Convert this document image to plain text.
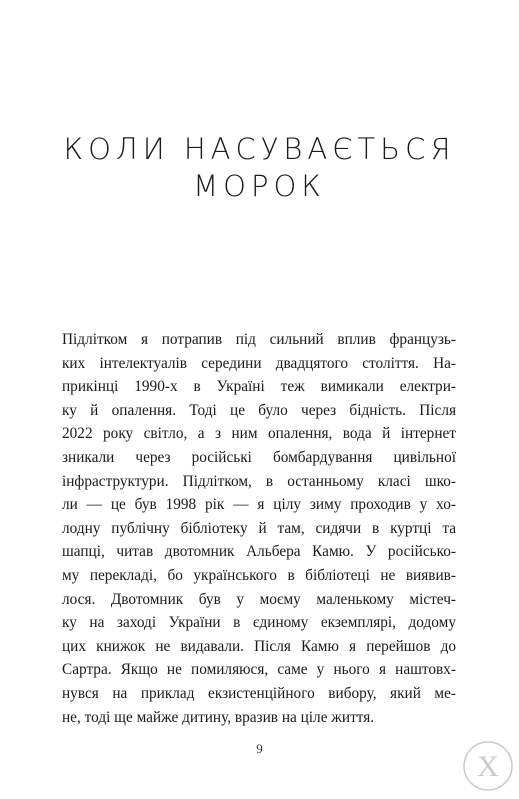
КОЛИ НАСУВАЄТЬСЯ
МОРОК
Підлітком я потрапив під сильний вплив французь-
ких інтелектуалів середини двадцятого століття. На-
прикінці 1990-х в Україні теж вимикали електри-
ку й опалення. Тоді це було через бідність. Після
2022 року світло, а з ним опалення, вода й інтернет
зникали через російські бомбардування цивільної
інфраструктури. Підлітком, в останньому класі шко-
ли — це був 1998 рік — я цілу зиму проходив у хо-
лодну публічну бібліотеку й там, сидячи в куртці та
шапці, читав двотомник Альбера Камю. У російсько-
му перекладі, бо українського в бібліотеці не виявив-
лося. Двотомник був у моєму маленькому містеч-
ку на заході України в єдиному екземплярі, додому
цих книжок не видавали. Після Камю я перейшов до
Сартра. Якщо не помиляюся, саме у нього я наштовх-
нувся на приклад екзистенційного вибору, який ме-
не, тоді ще майже дитину, вразив на ціле життя.
9
X
